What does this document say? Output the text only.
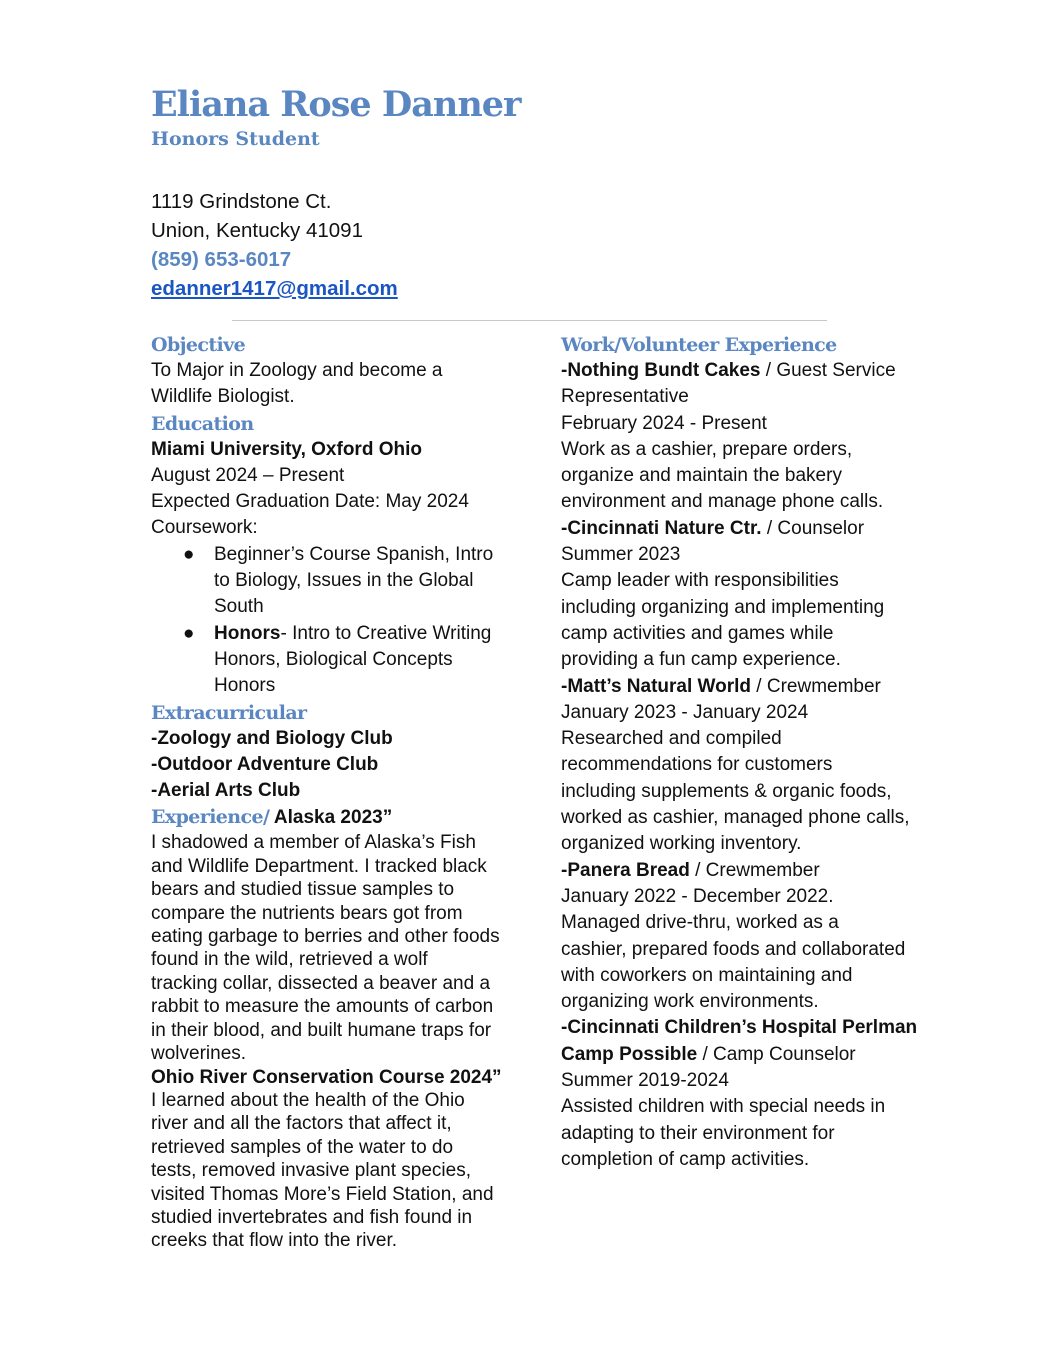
Eliana Rose Danner
Honors Student
1119 Grindstone Ct.
Union, Kentucky 41091
(859) 653-6017
edanner1417@gmail.com
Objective
To Major in Zoology and become a
Wildlife Biologist.
Education
Miami University, Oxford Ohio
August 2024 – Present
Expected Graduation Date: May 2024
Coursework:
● Beginner’s Course Spanish, Intro
to Biology, Issues in the Global
South
● Honors- Intro to Creative Writing
Honors, Biological Concepts
Honors
Extracurricular
-Zoology and Biology Club
-Outdoor Adventure Club
-Aerial Arts Club
Experience/ Alaska 2023”
I shadowed a member of Alaska’s Fish
and Wildlife Department. I tracked black
bears and studied tissue samples to
compare the nutrients bears got from
eating garbage to berries and other foods
found in the wild, retrieved a wolf
tracking collar, dissected a beaver and a
rabbit to measure the amounts of carbon
in their blood, and built humane traps for
wolverines.
Ohio River Conservation Course 2024”
I learned about the health of the Ohio
river and all the factors that affect it,
retrieved samples of the water to do
tests, removed invasive plant species,
visited Thomas More’s Field Station, and
studied invertebrates and fish found in
creeks that flow into the river.
Work/Volunteer Experience
-Nothing Bundt Cakes / Guest Service
Representative
February 2024 - Present
Work as a cashier, prepare orders,
organize and maintain the bakery
environment and manage phone calls.
-Cincinnati Nature Ctr. / Counselor
Summer 2023
Camp leader with responsibilities
including organizing and implementing
camp activities and games while
providing a fun camp experience.
-Matt’s Natural World / Crewmember
January 2023 - January 2024
Researched and compiled
recommendations for customers
including supplements & organic foods,
worked as cashier, managed phone calls,
organized working inventory.
-Panera Bread / Crewmember
January 2022 - December 2022.
Managed drive-thru, worked as a
cashier, prepared foods and collaborated
with coworkers on maintaining and
organizing work environments.
-Cincinnati Children’s Hospital Perlman
Camp Possible / Camp Counselor
Summer 2019-2024
Assisted children with special needs in
adapting to their environment for
completion of camp activities.
